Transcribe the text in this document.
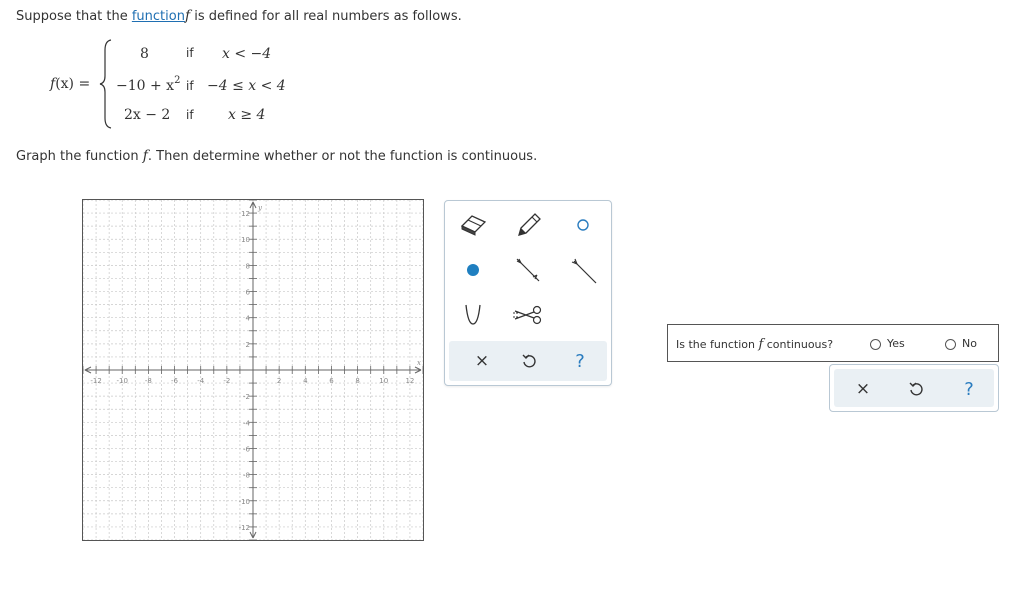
Suppose that the functionf is defined for all real numbers as follows.
f(x) =
8	if x < −4
$-10 + x^2$ if −4 ≤ x < 4
2x − 2 if x ≥ 4
Graph the function f. Then determine whether or not the function is continuous.
-12 -10 -8	-6	-4	-2	2	4	6	8	10 12
12
10
8
6
4
2
-2
-4
-6
-8
-10
-12
x
y
×	?
Is the function f continuous?	Yes	No
×	?
